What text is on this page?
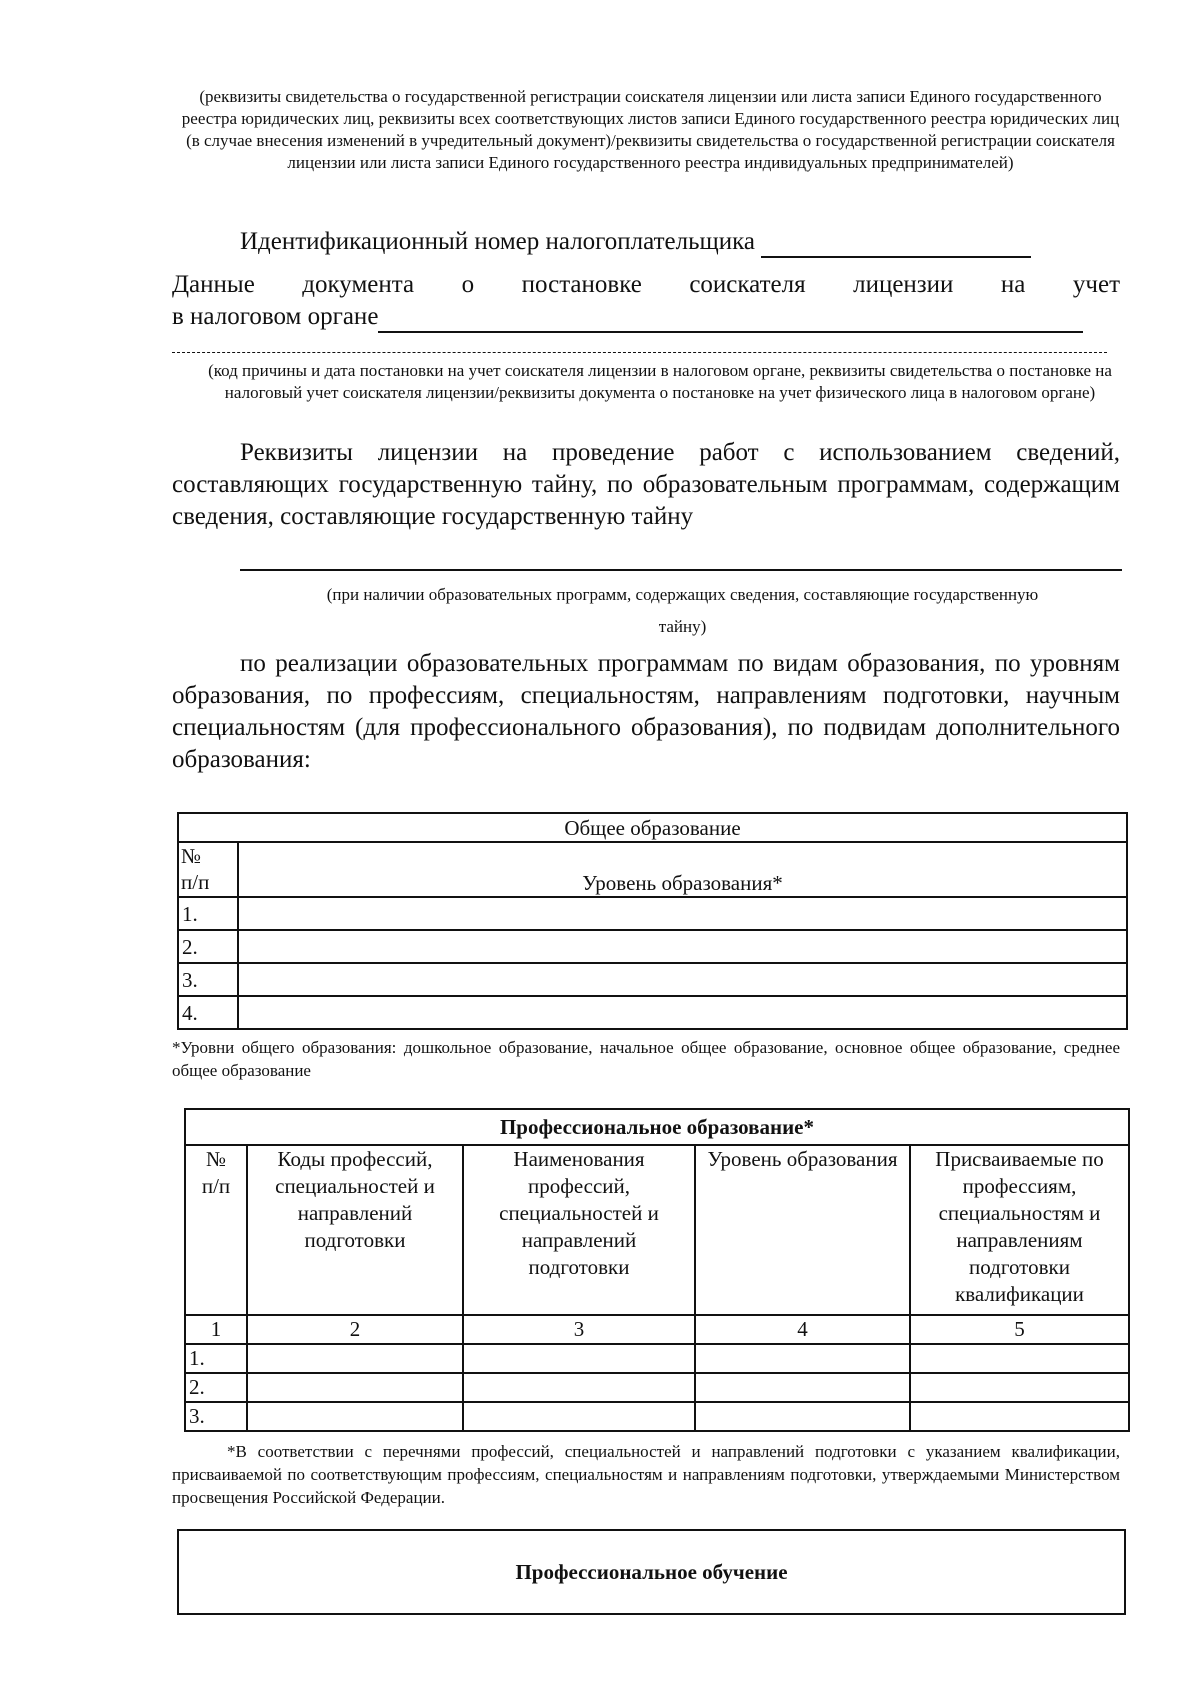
(реквизиты свидетельства о государственной регистрации соискателя лицензии или листа записи Единого государственного реестра юридических лиц, реквизиты всех соответствующих листов записи Единого государственного реестра юридических лиц (в случае внесения изменений в учредительный документ)/реквизиты свидетельства о государственной регистрации соискателя лицензии или листа записи Единого государственного реестра индивидуальных предпринимателей)
Идентификационный номер налогоплательщика
Данные документа о постановке соискателя лицензии на учет
в налоговом органе
(код причины и дата постановки на учет соискателя лицензии в налоговом органе, реквизиты свидетельства о постановке на налоговый учет соискателя лицензии/реквизиты документа о постановке на учет физического лица в налоговом органе)
Реквизиты лицензии на проведение работ с использованием сведений, составляющих государственную тайну, по образовательным программам, содержащим сведения, составляющие государственную тайну
(при наличии образовательных программ, содержащих сведения, составляющие государственную
тайну)
по реализации образовательных программам по видам образования, по уровням образования, по профессиям, специальностям, направлениям подготовки, научным специальностям (для профессионального образования), по подвидам дополнительного образования:
Общее образование	

№
п/п	Уровень образования*
1.	
2.	
3.	
4.	
*Уровни общего образования: дошкольное образование, начальное общее образование, основное общее образование, среднее общее образование
Профессиональное образование*				

№
п/п	Коды профессий, специальностей и направлений подготовки	Наименования профессий, специальностей и направлений подготовки	Уровень образования	Присваиваемые по профессиям, специальностям и направлениям подготовки квалификации
1	2	3	4	5
1.				
2.				
3.				
*В соответствии с перечнями профессий, специальностей и направлений подготовки с указанием квалификации, присваиваемой по соответствующим профессиям, специальностям и направлениям подготовки, утверждаемыми Министерством просвещения Российской Федерации.
Профессиональное обучение
